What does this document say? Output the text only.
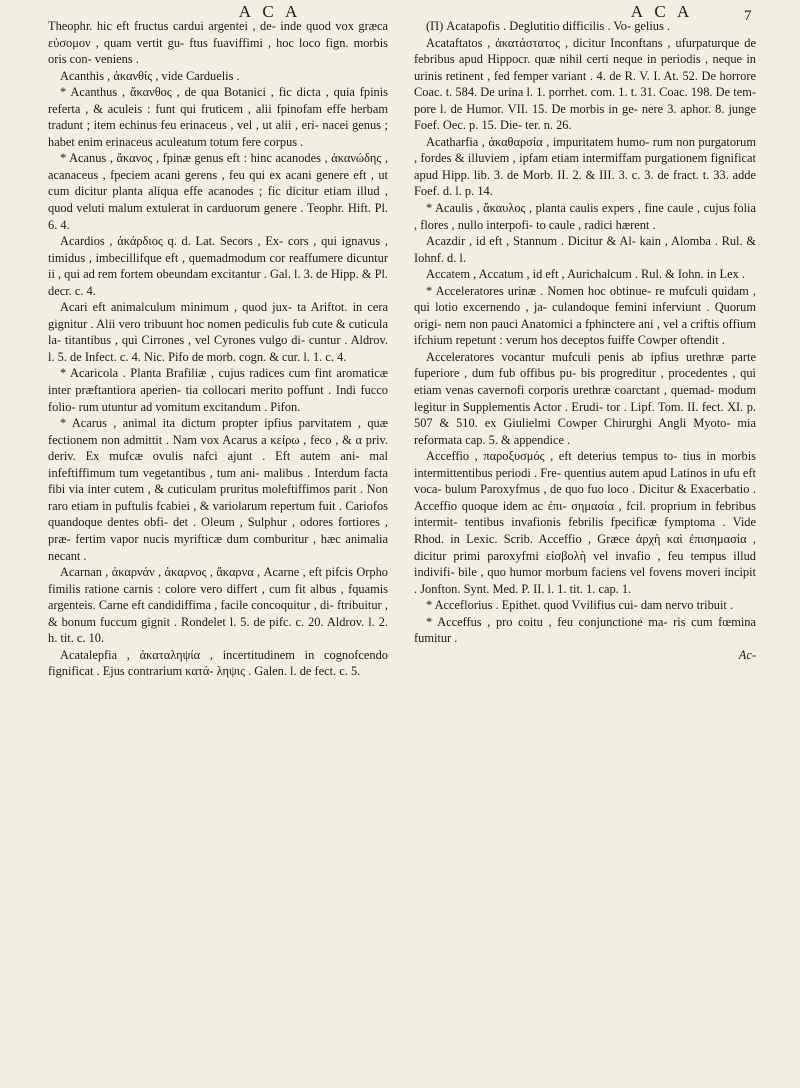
A C A	A C A	7

Theophr. hic eft fructus cardui argentei , de- inde quod vox græca εὐσομον , quam vertit gu- ftus fuaviffimi , hoc loco fign. morbis oris con- veniens .

Acanthis , ἀκανθίς , vide Carduelis .

* Acanthus , ἄκανθος , de qua Botanici , fic dicta , quia fpinis referta , & aculeis : funt qui fruticem , alii fpinofam effe herbam tradunt ; item echinus feu erinaceus , vel , ut alii , eri- nacei genus ; habet enim erinaceus aculeatum totum fere corpus .

* Acanus , ἄκανος , fpinæ genus eft : hinc acanodes , ἀκανώδης , acanaceus , fpeciem acani gerens , feu qui ex acani genere eft , ut cum dicitur planta aliqua effe acanodes ; fic dicitur etiam illud , quod veluti malum extulerat in carduorum genere . Teophr. Hift. Pl. 6. 4.

Acardios , ἀκάρδιος q. d. Lat. Secors , Ex- cors , qui ignavus , timidus , imbecillifque eft , quemadmodum cor reaffumere dicuntur ii , qui ad rem fortem obeundam excitantur . Gal. l. 3. de Hipp. & Pl. decr. c. 4.

Acari eft animalculum minimum , quod jux- ta Ariftot. in cera gignitur . Alii vero tribuunt hoc nomen pediculis fub cute & cuticula la- titantibus , qui Cirrones , vel Cyrones vulgo di- cuntur . Aldrov. l. 5. de Infect. c. 4. Nic. Pifo de morb. cogn. & cur. l. 1. c. 4.

* Acaricola . Planta Brafiliæ , cujus radices cum fint aromaticæ inter præftantiora aperien- tia collocari merito poffunt . Indi fucco folio- rum utuntur ad vomitum excitandum . Pifon.

* Acarus , animal ita dictum propter ipfius parvitatem , quæ fectionem non admittit . Nam vox Acarus a κείρω , feco , & α priv. deriv. Ex mufcæ ovulis nafci ajunt . Eft autem ani- mal infeftiffimum tum vegetantibus , tum ani- malibus . Interdum facta fibi via inter cutem , & cuticulam pruritus moleftiffimos parit . Non raro etiam in puftulis fcabiei , & variolarum repertum fuit . Cariofos quandoque dentes obfi- det . Oleum , Sulphur , odores fortiores , præ- fertim vapor nucis myrifticæ dum comburitur , hæc animalia necant .

Acarnan , ἀκαρνάν , ἀκαρνος , ἄκαρνα , Acarne , eft pifcis Orpho fimilis ratione carnis : colore vero differt , cum fit albus , fquamis argenteis. Carne eft candidiffima , facile concoquitur , di- ftribuitur , & bonum fuccum gignit . Rondelet l. 5. de pifc. c. 20. Aldrov. l. 2. h. tit. c. 10.

Acatalepfia , ἀκαταληψία , incertitudinem in cognofcendo fignificat . Ejus contrarium κατά- ληψις . Galen. l. de fect. c. 5.

(Π) Acatapofis . Deglutitio difficilis . Vo- gelius .

Acataftatos , ἀκατάστατος , dicitur Inconftans , ufurpaturque de febribus apud Hippocr. quæ nihil certi neque in periodis , neque in urinis retinent , fed femper variant . 4. de R. V. I. At. 52. De horrore Coac. t. 584. De urina l. 1. porrhet. com. 1. t. 31. Coac. 198. De tem- pore l. de Humor. VII. 15. De morbis in ge- nere 3. aphor. 8. junge Foef. Oec. p. 15. Die- ter. n. 26.

Acatharfia , ἀκαθαρσία , impuritatem humo- rum non purgatorum , fordes & illuviem , ipfam etiam intermiffam purgationem fignificat apud Hipp. lib. 3. de Morb. II. 2. & III. 3. c. 3. de fract. t. 33. adde Foef. d. l. p. 14.

* Acaulis , ἄκαυλος , planta caulis expers , fine caule , cujus folia , flores , nullo interpofi- to caule , radici hærent .

Acazdir , id eft , Stannum . Dicitur & Al- kain , Alomba . Rul. & Iohnf. d. l.

Accatem , Accatum , id eft , Aurichalcum . Rul. & Iohn. in Lex .

* Acceleratores urinæ . Nomen hoc obtinue- re mufculi quidam , qui lotio excernendo , ja- culandoque femini inferviunt . Quorum origi- nem non pauci Anatomici a fphinctere ani , vel a criftis offium ifchium repetunt : verum hos deceptos fuiffe Cowper oftendit .

Acceleratores vocantur mufculi penis ab ipfius urethræ parte fuperiore , dum fub offibus pu- bis progreditur , procedentes , qui etiam venas cavernofi corporis urethræ coarctant , quemad- modum legitur in Supplementis Actor . Erudi- tor . Lipf. Tom. II. fect. XI. p. 507 & 510. ex Giulielmi Cowper Chirurghi Angli Myoto- mia reformata cap. 5. & appendice .

Acceffio , παροξυσμός , eft deterius tempus to- tius in morbis intermittentibus periodi . Fre- quentius autem apud Latinos in ufu eft voca- bulum Paroxyfmus , de quo fuo loco . Dicitur & Exacerbatio . Acceffio quoque idem ac ἐπι- σημασία , fcil. proprium in febribus intermit- tentibus invafionis febrilis fpecificæ fymptoma . Vide Rhod. in Lexic. Scrib. Acceffio , Græce ἀρχὴ καὶ ἐπισημασία , dicitur primi paroxyfmi εἰσβολὴ vel invafio , feu tempus illud indivifi- bile , quo humor morbum faciens vel fovens moveri incipit . Jonfton. Synt. Med. P. II. l. 1. tit. 1. cap. 1.

* Acceflorius . Epithet. quod Vvilifius cui- dam nervo tribuit .

* Acceffus , pro coitu , feu conjunctione ma- ris cum fœmina fumitur .

Ac-
